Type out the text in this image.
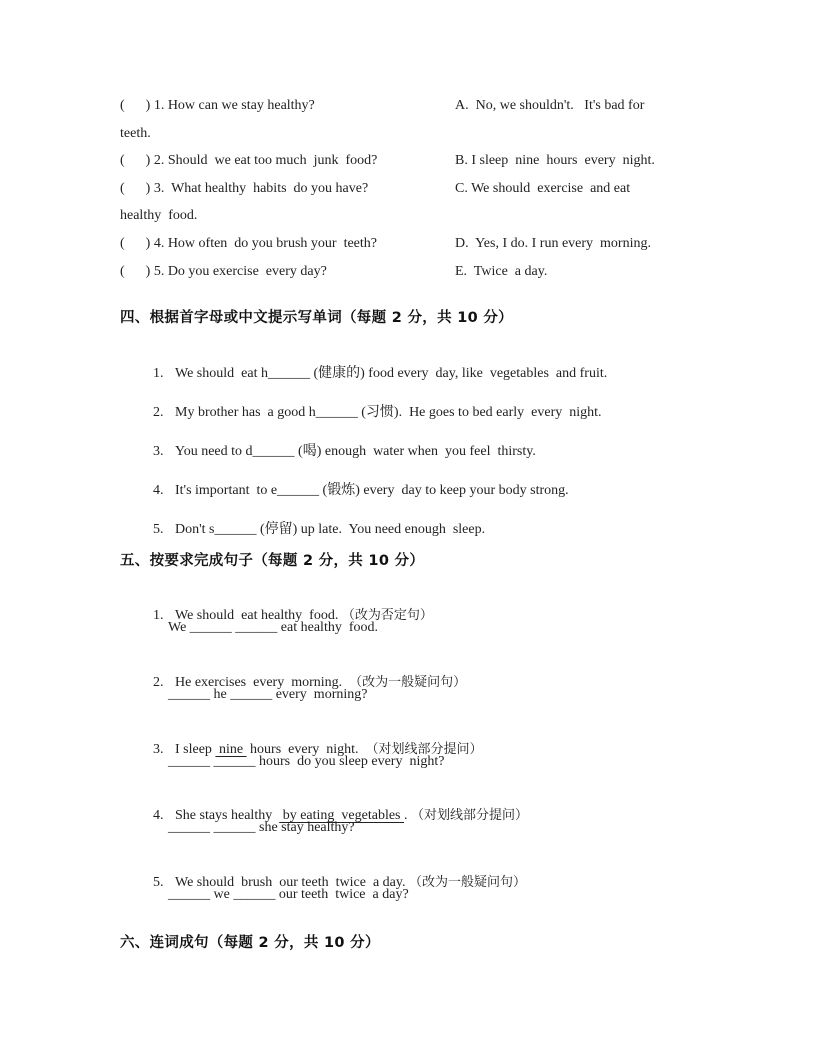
(      ) 1. How can we stay healthy?	A.  No, we shouldn't.   It's bad for
teeth.
(      ) 2. Should  we eat too much  junk  food?	B. I sleep  nine  hours  every  night.
(      ) 3.  What healthy  habits  do you have?	C. We should  exercise  and eat
healthy  food.
(      ) 4. How often  do you brush your  teeth?	D.  Yes, I do. I run every  morning.
(      ) 5. Do you exercise  every day?	E.  Twice  a day.
四、根据首字母或中文提示写单词（每题 2 分，共 10 分）

1. We should  eat h______ (健康的) food every  day, like  vegetables  and fruit.

2. My brother has  a good h______ (习惯).  He goes to bed early  every  night.

3. You need to d______ (喝) enough  water when  you feel  thirsty.

4. It's important  to e______ (锻炼) every  day to keep your body strong.

5. Don't s______ (停留) up late.  You need enough  sleep.

五、按要求完成句子（每题 2 分，共 10 分）

1. We should  eat healthy  food. （改为否定句）

We ______ ______ eat healthy  food.

2. He exercises  every  morning.  （改为一般疑问句）

______ he ______ every  morning?

3. I sleep  nine  hours  every  night.  （对划线部分提问）

______ ______ hours  do you sleep every  night?

4. She stays healthy   by eating  vegetables . （对划线部分提问）

______ ______ she stay healthy?

5. We should  brush  our teeth  twice  a day. （改为一般疑问句）

______ we ______ our teeth  twice  a day?
六、连词成句（每题 2 分，共 10 分）
